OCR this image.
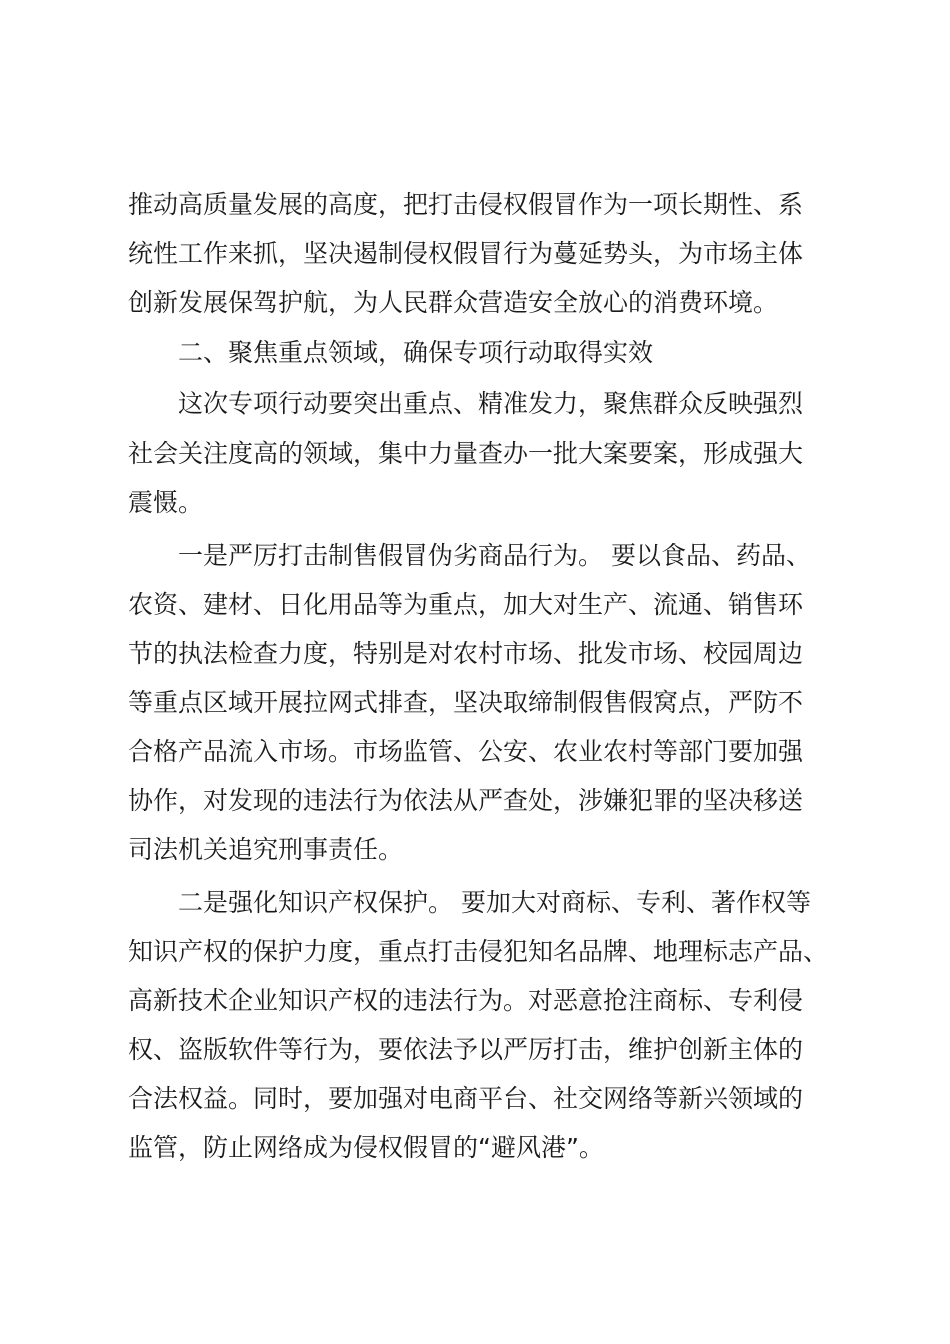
推动高质量发展的高度，把打击侵权假冒作为一项长期性、系
统性工作来抓，坚决遏制侵权假冒行为蔓延势头，为市场主体
创新发展保驾护航，为人民群众营造安全放心的消费环境。
二、聚焦重点领域，确保专项行动取得实效
这次专项行动要突出重点、精准发力，聚焦群众反映强烈
社会关注度高的领域，集中力量查办一批大案要案，形成强大
震慑。
一是严厉打击制售假冒伪劣商品行为。 要以食品、药品、
农资、建材、日化用品等为重点，加大对生产、流通、销售环
节的执法检查力度，特别是对农村市场、批发市场、校园周边
等重点区域开展拉网式排查，坚决取缔制假售假窝点，严防不
合格产品流入市场。市场监管、公安、农业农村等部门要加强
协作，对发现的违法行为依法从严查处，涉嫌犯罪的坚决移送
司法机关追究刑事责任。
二是强化知识产权保护。 要加大对商标、专利、著作权等
知识产权的保护力度，重点打击侵犯知名品牌、地理标志产品、
高新技术企业知识产权的违法行为。对恶意抢注商标、专利侵
权、盗版软件等行为，要依法予以严厉打击，维护创新主体的
合法权益。同时，要加强对电商平台、社交网络等新兴领域的
监管，防止网络成为侵权假冒的“避风港”。
